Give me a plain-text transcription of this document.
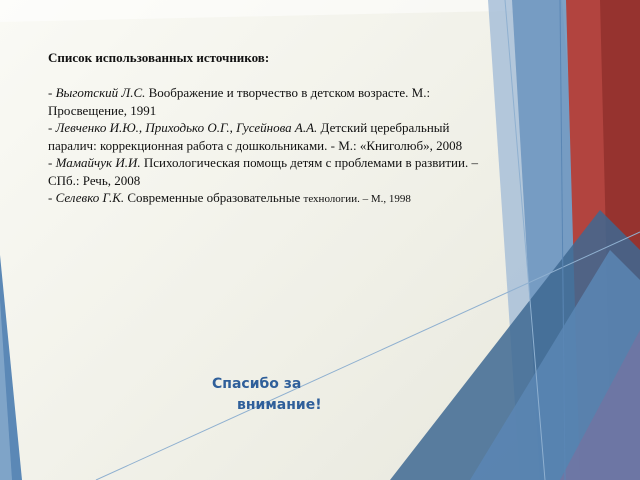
Список использованных источников:

- Выготский Л.С. Воображение и творчество в детском возрасте. М.: Просвещение, 1991

- Левченко И.Ю., Приходько О.Г., Гусейнова А.А. Детский церебральный паралич: коррекционная работа с дошкольниками. - М.: «Книголюб», 2008

- Мамайчук И.И. Психологическая помощь детям с проблемами в развитии. – СПб.: Речь, 2008

- Селевко Г.К. Современные образовательные технологии. – М., 1998

Спасибо за
внимание!
